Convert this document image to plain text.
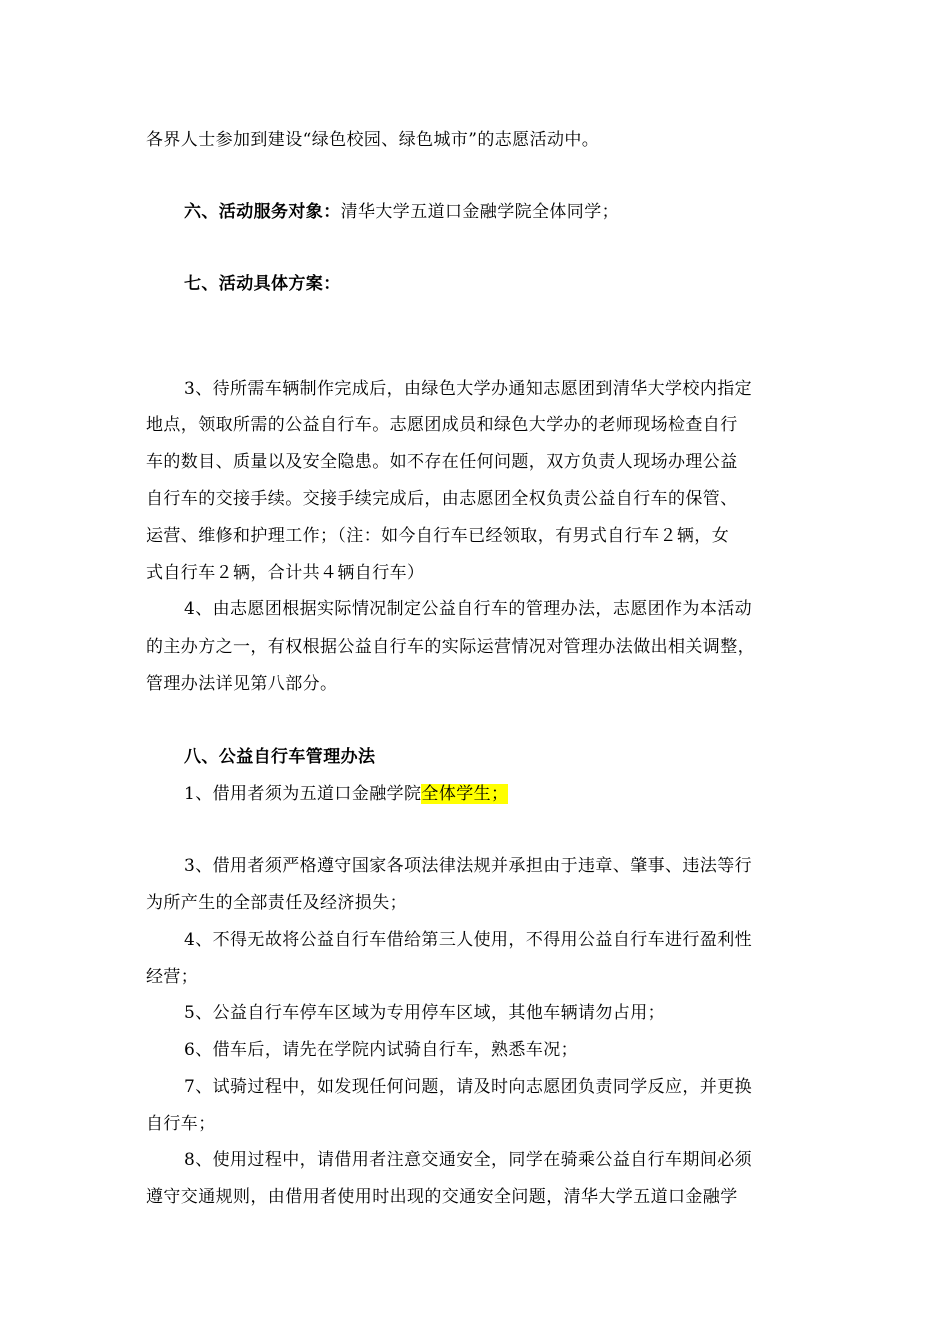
各界人士参加到建设“绿色校园、绿色城市”的志愿活动中。
六、活动服务对象：清华大学五道口金融学院全体同学；
七、活动具体方案：
3、待所需车辆制作完成后，由绿色大学办通知志愿团到清华大学校内指定
地点，领取所需的公益自行车。志愿团成员和绿色大学办的老师现场检查自行
车的数目、质量以及安全隐患。如不存在任何问题，双方负责人现场办理公益
自行车的交接手续。交接手续完成后，由志愿团全权负责公益自行车的保管、
运营、维修和护理工作；（注：如今自行车已经领取，有男式自行车２辆，女
式自行车２辆，合计共４辆自行车）
4、由志愿团根据实际情况制定公益自行车的管理办法，志愿团作为本活动
的主办方之一，有权根据公益自行车的实际运营情况对管理办法做出相关调整，
管理办法详见第八部分。
八、公益自行车管理办法
1、借用者须为五道口金融学院全体学生；
3、借用者须严格遵守国家各项法律法规并承担由于违章、肇事、违法等行
为所产生的全部责任及经济损失；
4、不得无故将公益自行车借给第三人使用，不得用公益自行车进行盈利性
经营；
5、公益自行车停车区域为专用停车区域，其他车辆请勿占用；
6、借车后，请先在学院内试骑自行车，熟悉车况；
7、试骑过程中，如发现任何问题，请及时向志愿团负责同学反应，并更换
自行车；
8、使用过程中，请借用者注意交通安全，同学在骑乘公益自行车期间必须
遵守交通规则，由借用者使用时出现的交通安全问题，清华大学五道口金融学
